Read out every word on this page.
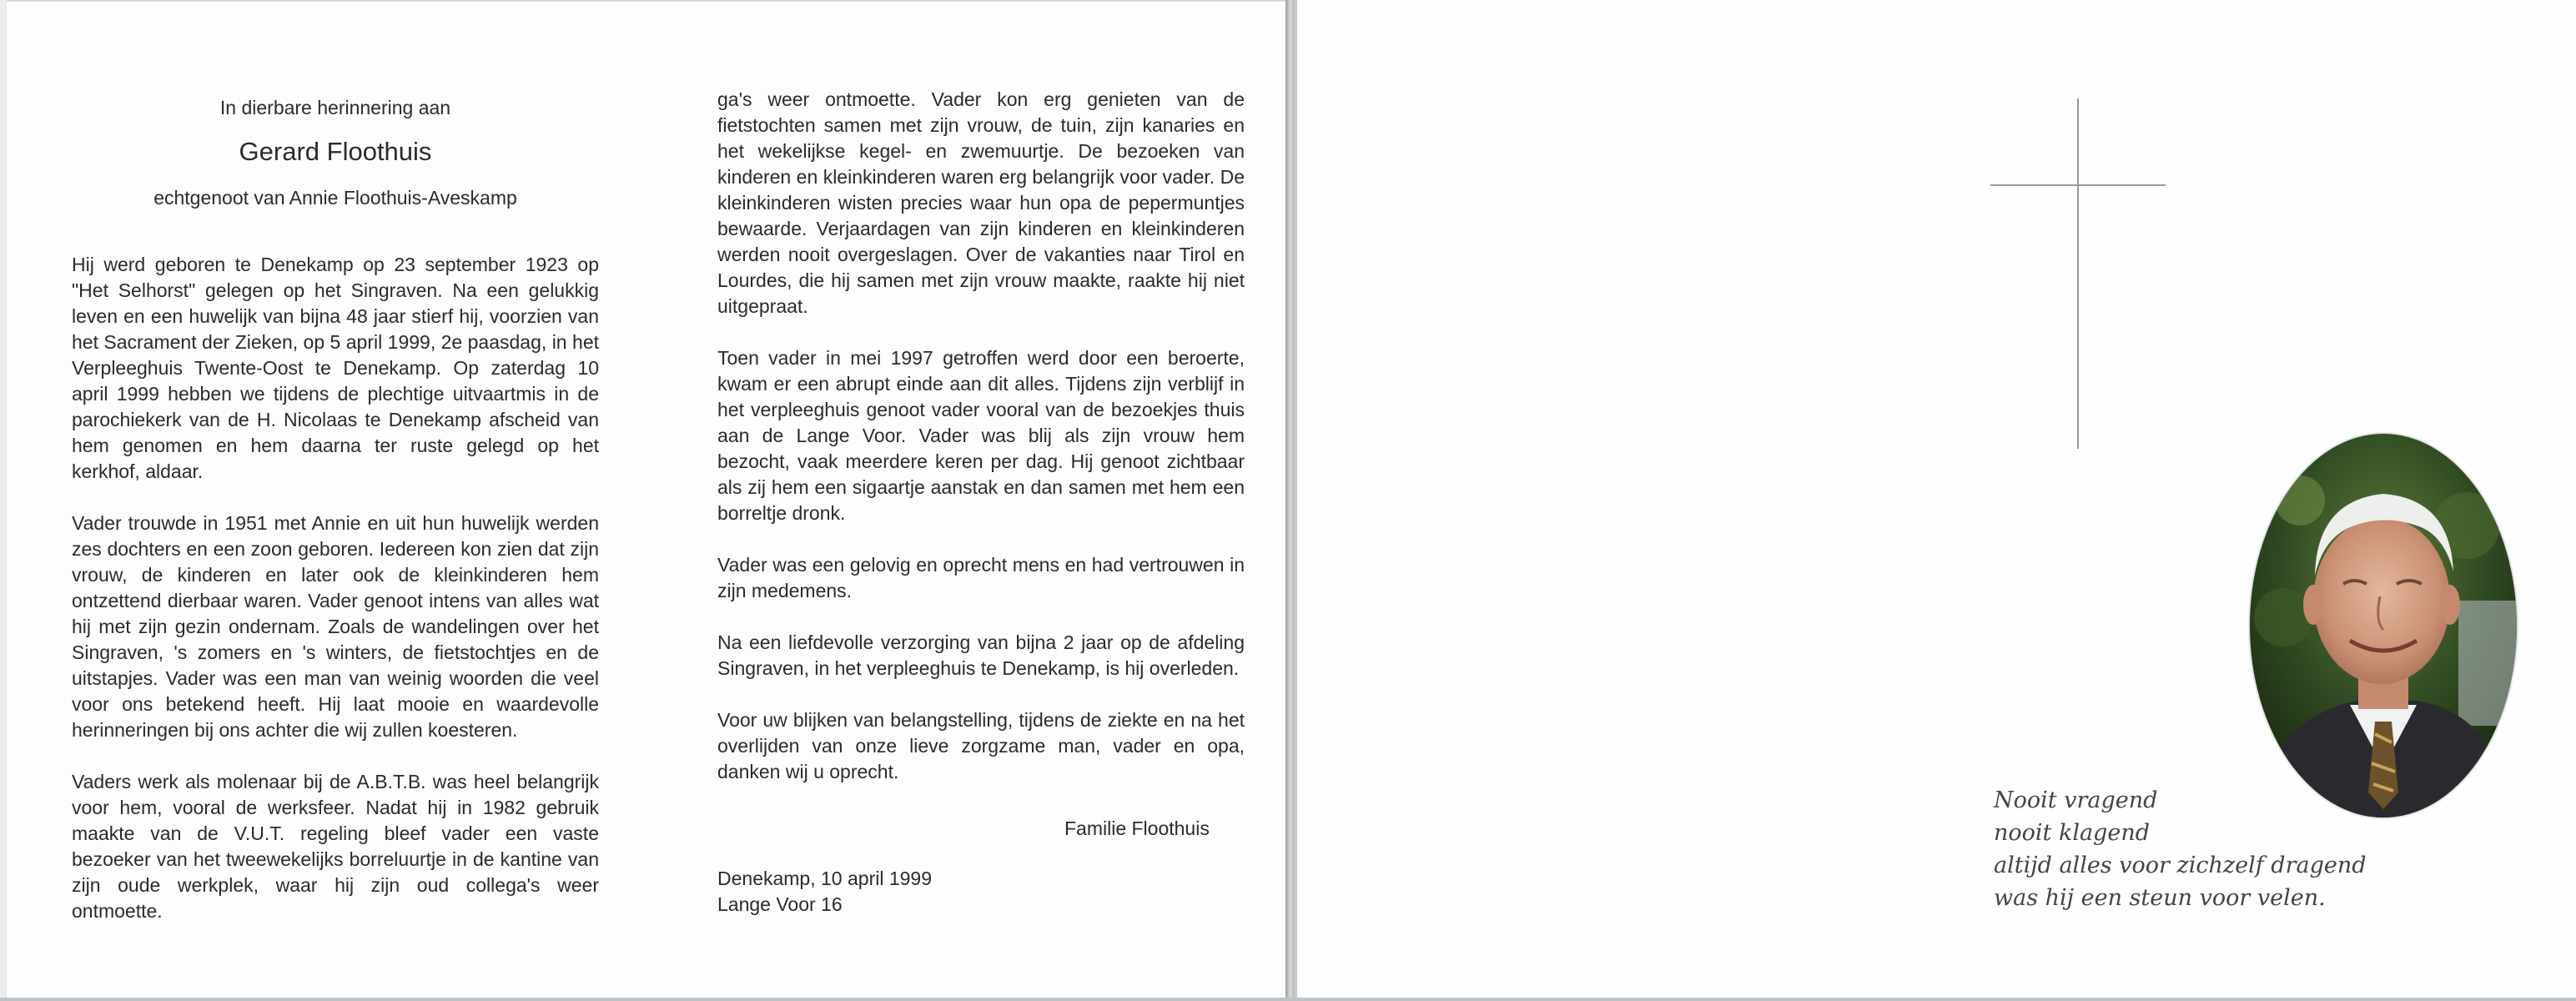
In dierbare herinnering aan
Gerard Floothuis
echtgenoot van Annie Floothuis-Aveskamp

Hij werd geboren te Denekamp op 23 september 1923 op "Het Selhorst" gelegen op het Singraven. Na een gelukkig leven en een huwelijk van bijna 48 jaar stierf hij, voorzien van het Sacrament der Zieken, op 5 april 1999, 2e paasdag, in het Verpleeghuis Twente-Oost te Denekamp. Op zaterdag 10 april 1999 hebben we tijdens de plechtige uitvaartmis in de parochiekerk van de H. Nicolaas te Denekamp afscheid van hem genomen en hem daarna ter ruste gelegd op het kerkhof, aldaar.

Vader trouwde in 1951 met Annie en uit hun huwelijk werden zes dochters en een zoon geboren. Iedereen kon zien dat zijn vrouw, de kinderen en later ook de kleinkinderen hem ontzettend dierbaar waren. Vader genoot intens van alles wat hij met zijn gezin ondernam. Zoals de wandelingen over het Singraven, 's zomers en 's winters, de fietstochtjes en de uitstapjes. Vader was een man van weinig woorden die veel voor ons betekend heeft. Hij laat mooie en waardevolle herinneringen bij ons achter die wij zullen koesteren.

Vaders werk als molenaar bij de A.B.T.B. was heel belangrijk voor hem, vooral de werksfeer. Nadat hij in 1982 gebruik maakte van de V.U.T. regeling bleef vader een vaste bezoeker van het tweewekelijks borreluurtje in de kantine van zijn oude werkplek, waar hij zijn oud collega's weer ontmoette.

ga's weer ontmoette. Vader kon erg genieten van de fietstochten samen met zijn vrouw, de tuin, zijn kanaries en het wekelijkse kegel- en zwemuurtje. De bezoeken van kinderen en kleinkinderen waren erg belangrijk voor vader. De kleinkinderen wisten precies waar hun opa de pepermuntjes bewaarde. Verjaardagen van zijn kinderen en kleinkinderen werden nooit overgeslagen. Over de vakanties naar Tirol en Lourdes, die hij samen met zijn vrouw maakte, raakte hij niet uitgepraat.

Toen vader in mei 1997 getroffen werd door een beroerte, kwam er een abrupt einde aan dit alles. Tijdens zijn verblijf in het verpleeghuis genoot vader vooral van de bezoekjes thuis aan de Lange Voor. Vader was blij als zijn vrouw hem bezocht, vaak meerdere keren per dag. Hij genoot zichtbaar als zij hem een sigaartje aanstak en dan samen met hem een borreltje dronk.

Vader was een gelovig en oprecht mens en had vertrouwen in zijn medemens.

Na een liefdevolle verzorging van bijna 2 jaar op de afdeling Singraven, in het verpleeghuis te Denekamp, is hij overleden.

Voor uw blijken van belangstelling, tijdens de ziekte en na het overlijden van onze lieve zorgzame man, vader en opa, danken wij u oprecht.

Familie Floothuis
Denekamp, 10 april 1999
Lange Voor 16
Nooit vragend
nooit klagend
altijd alles voor zichzelf dragend
was hij een steun voor velen.
